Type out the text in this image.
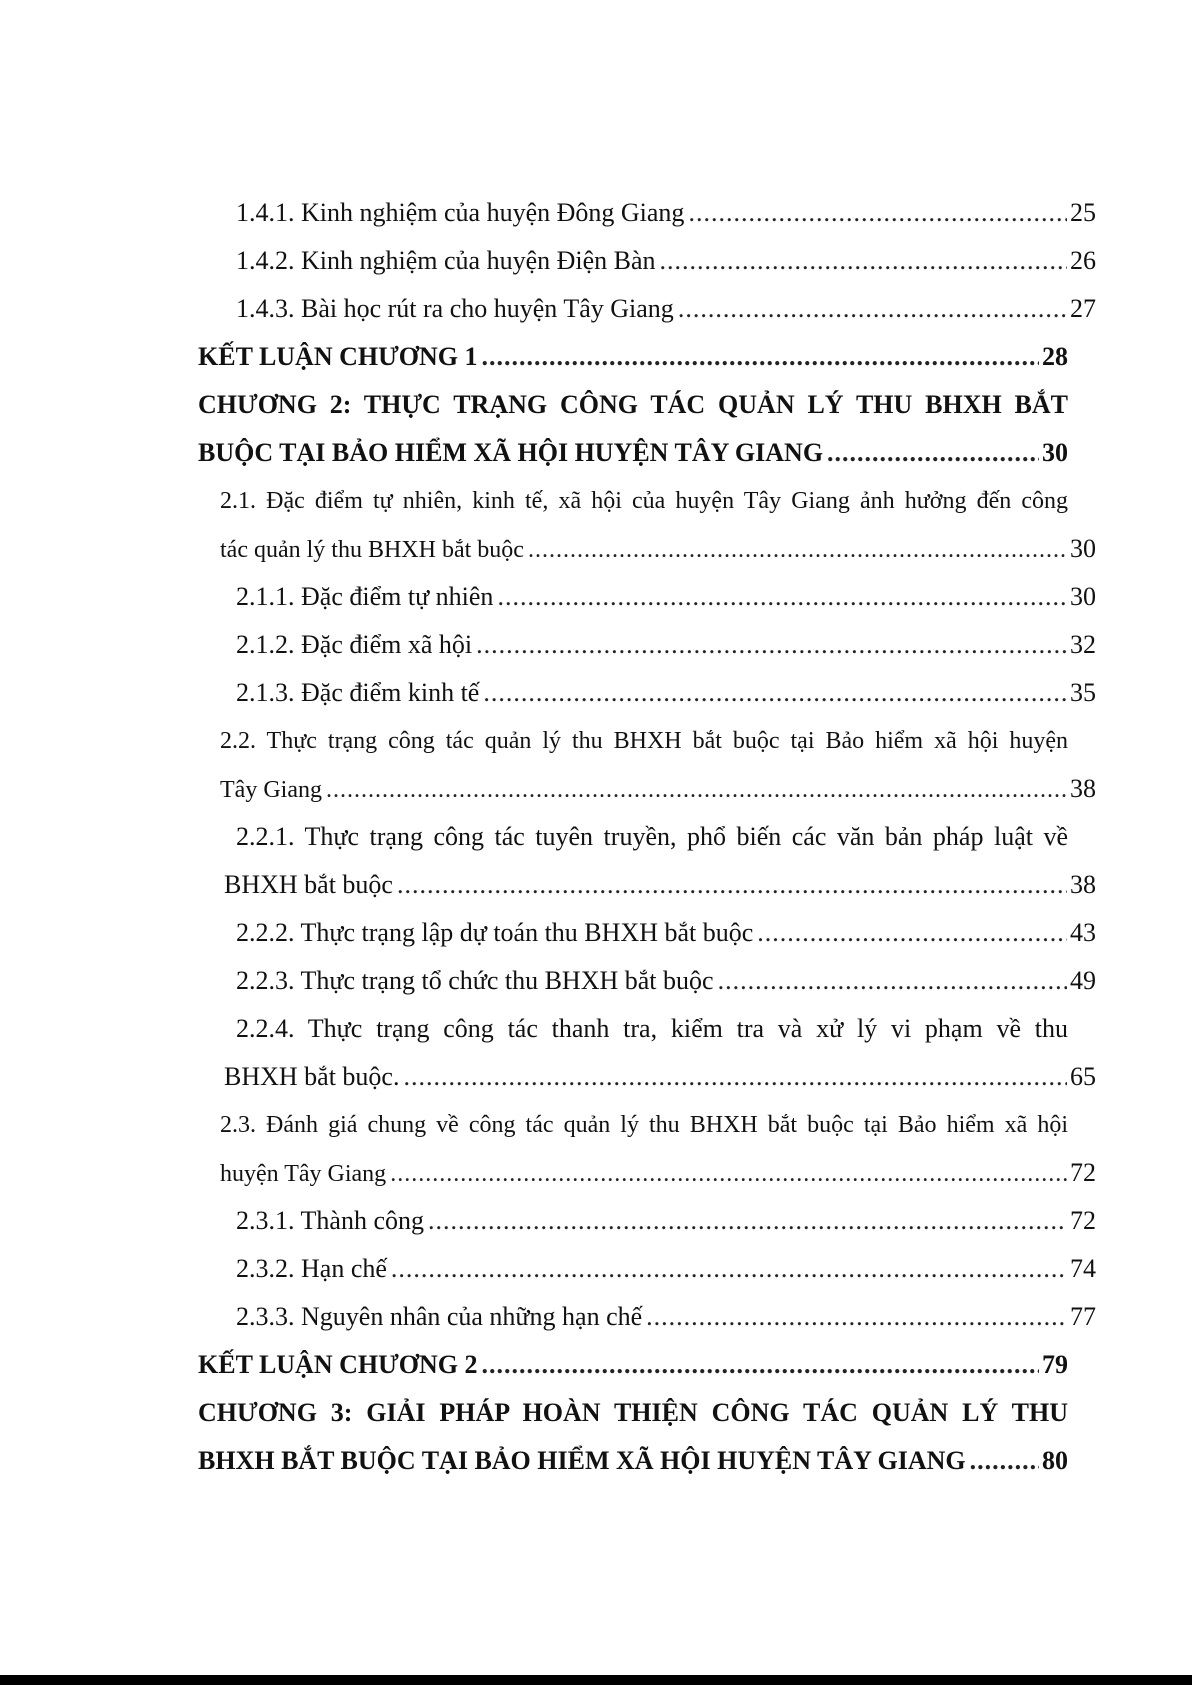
1.4.1. Kinh nghiệm của huyện Đông Giang .....	25
1.4.2. Kinh nghiệm của huyện Điện Bàn .....	26
1.4.3. Bài học rút ra cho huyện Tây Giang .....	27
KẾT LUẬN CHƯƠNG 1 .....	28
CHƯƠNG 2: THỰC TRẠNG CÔNG TÁC QUẢN LÝ THU BHXH BẮT
BUỘC TẠI BẢO HIỂM XÃ HỘI HUYỆN TÂY GIANG .....	30
2.1. Đặc điểm tự nhiên, kinh tế, xã hội của huyện Tây Giang ảnh hưởng đến công
tác quản lý thu BHXH bắt buộc .....	30
2.1.1. Đặc điểm tự nhiên .....	30
2.1.2. Đặc điểm xã hội .....	32
2.1.3. Đặc điểm kinh tế .....	35
2.2. Thực trạng công tác quản lý thu BHXH bắt buộc tại Bảo hiểm xã hội huyện
Tây Giang .....	38
2.2.1. Thực trạng công tác tuyên truyền, phổ biến các văn bản pháp luật về
BHXH bắt buộc .....	38
2.2.2. Thực trạng lập dự toán thu BHXH bắt buộc .....	43
2.2.3. Thực trạng tổ chức thu BHXH bắt buộc .....	49
2.2.4. Thực trạng công tác thanh tra, kiểm tra và xử lý vi phạm về thu
BHXH bắt buộc. .....	65
2.3. Đánh giá chung về công tác quản lý thu BHXH bắt buộc tại Bảo hiểm xã hội
huyện Tây Giang .....	72
2.3.1. Thành công .....	72
2.3.2. Hạn chế .....	74
2.3.3. Nguyên nhân của những hạn chế .....	77
KẾT LUẬN CHƯƠNG 2 .....	79
CHƯƠNG 3: GIẢI PHÁP HOÀN THIỆN CÔNG TÁC QUẢN LÝ THU
BHXH BẮT BUỘC TẠI BẢO HIỂM XÃ HỘI HUYỆN TÂY GIANG .....	80
